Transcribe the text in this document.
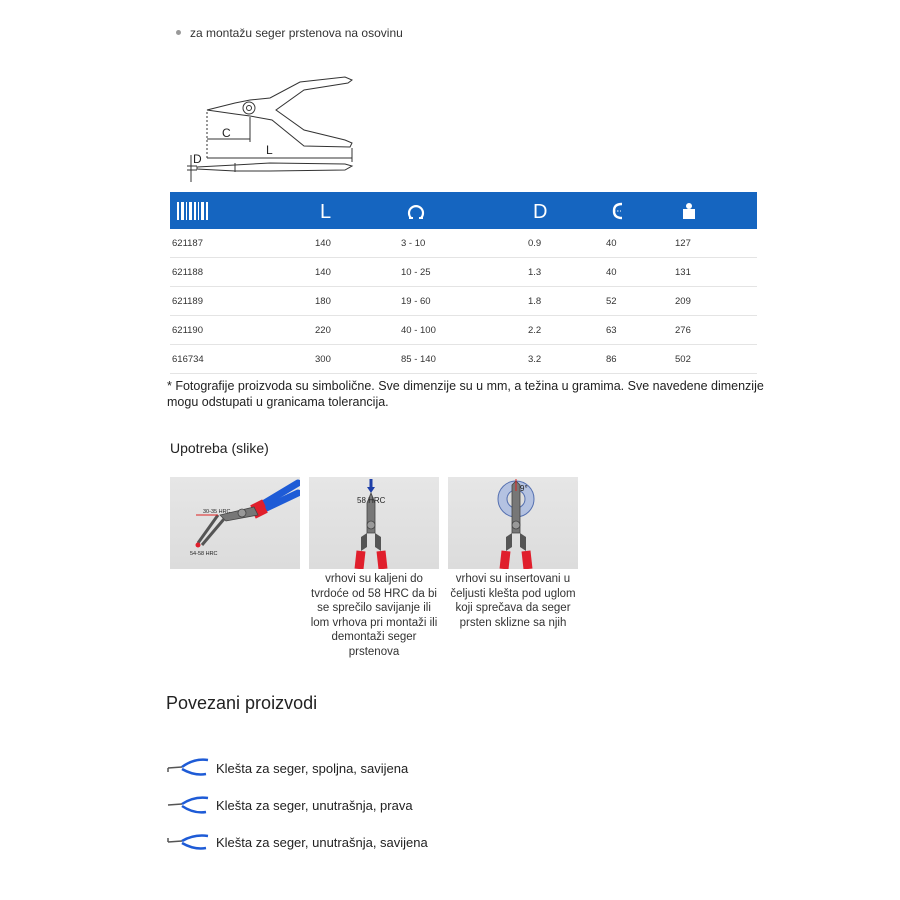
za montažu seger prstenova na osovinu
C
L
D

L		D

621187	140	3 - 10	0.9	40	127
621188	140	10 - 25	1.3	40	131
621189	180	19 - 60	1.8	52	209
621190	220	40 - 100	2.2	63	276
616734	300	85 - 140	3.2	86	502
* Fotografije proizvoda su simbolične. Sve dimenzije su u mm, a težina u gramima. Sve navedene dimenzije mogu odstupati u granicama tolerancija.
Upotreba (slike)
30-35 HRC
54-58 HRC
58 HRC
vrhovi su kaljeni do tvrdoće od 58 HRC da bi se sprečilo savijanje ili lom vrhova pri montaži ili demontaži seger prstenova
9°
vrhovi su insertovani u čeljusti klešta pod uglom koji sprečava da seger prsten sklizne sa njih
Povezani proizvodi
Klešta za seger, spoljna, savijena
Klešta za seger, unutrašnja, prava
Klešta za seger, unutrašnja, savijena
